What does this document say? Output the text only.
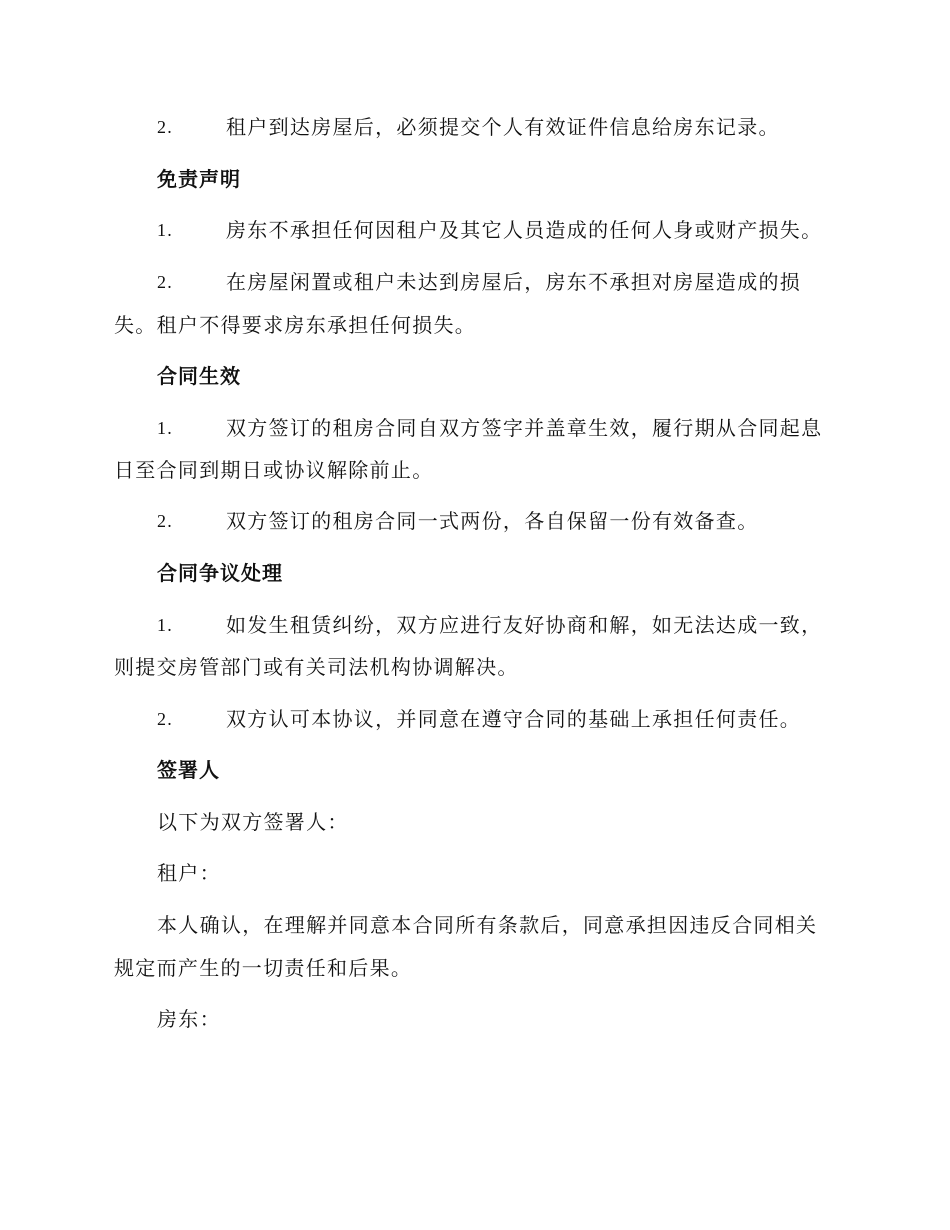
2.	租户到达房屋后，必须提交个人有效证件信息给房东记录。
免责声明
1.	房东不承担任何因租户及其它人员造成的任何人身或财产损失。
2.	在房屋闲置或租户未达到房屋后，房东不承担对房屋造成的损
失。租户不得要求房东承担任何损失。
合同生效
1.	双方签订的租房合同自双方签字并盖章生效，履行期从合同起息
日至合同到期日或协议解除前止。
2.	双方签订的租房合同一式两份，各自保留一份有效备查。
合同争议处理
1.	如发生租赁纠纷，双方应进行友好协商和解，如无法达成一致，
则提交房管部门或有关司法机构协调解决。
2.	双方认可本协议，并同意在遵守合同的基础上承担任何责任。
签署人
以下为双方签署人：
租户：
本人确认，在理解并同意本合同所有条款后，同意承担因违反合同相关
规定而产生的一切责任和后果。
房东：
